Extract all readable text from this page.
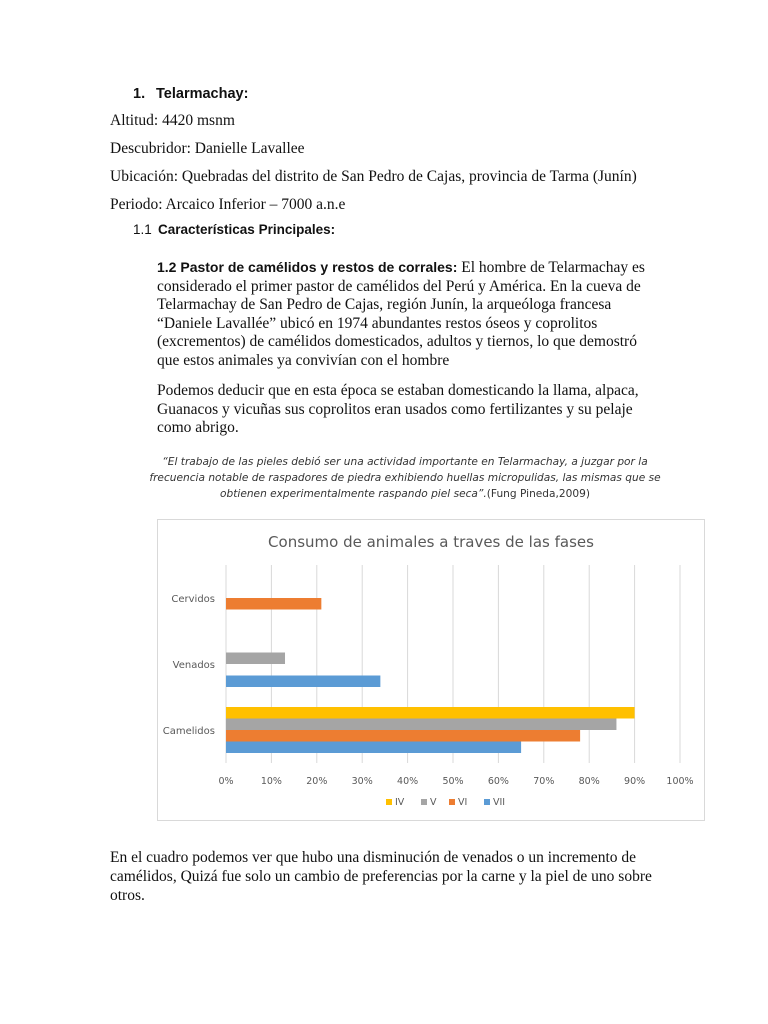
1. Telarmachay:
Altitud: 4420 msnm
Descubridor: Danielle Lavallee
Ubicación: Quebradas del distrito de San Pedro de Cajas, provincia de Tarma (Junín)
Periodo: Arcaico Inferior – 7000 a.n.e
1.1 Características Principales:
1.2 Pastor de camélidos y restos de corrales: El hombre de Telarmachay es considerado el primer pastor de camélidos del Perú y América. En la cueva de Telarmachay de San Pedro de Cajas, región Junín, la arqueóloga francesa “Daniele Lavallée” ubicó en 1974 abundantes restos óseos y coprolitos (excrementos) de camélidos domesticados, adultos y tiernos, lo que demostró que estos animales ya convivían con el hombre
Podemos deducir que en esta época se estaban domesticando la llama, alpaca, Guanacos y vicuñas sus coprolitos eran usados como fertilizantes y su pelaje como abrigo.
“El trabajo de las pieles debió ser una actividad importante en Telarmachay, a juzgar por la frecuencia notable de raspadores de piedra exhibiendo huellas micropulidas, las mismas que se obtienen experimentalmente raspando piel seca”.(Fung Pineda,2009)
Consumo de animales a traves de las fases
0%	10%	20%	30%	40%	50%	60%	70%	80%	90% 100%
Cervidos
Venados
Camelidos
IV	V VI	VII
En el cuadro podemos ver que hubo una disminución de venados o un incremento de camélidos, Quizá fue solo un cambio de preferencias por la carne y la piel de uno sobre otros.
